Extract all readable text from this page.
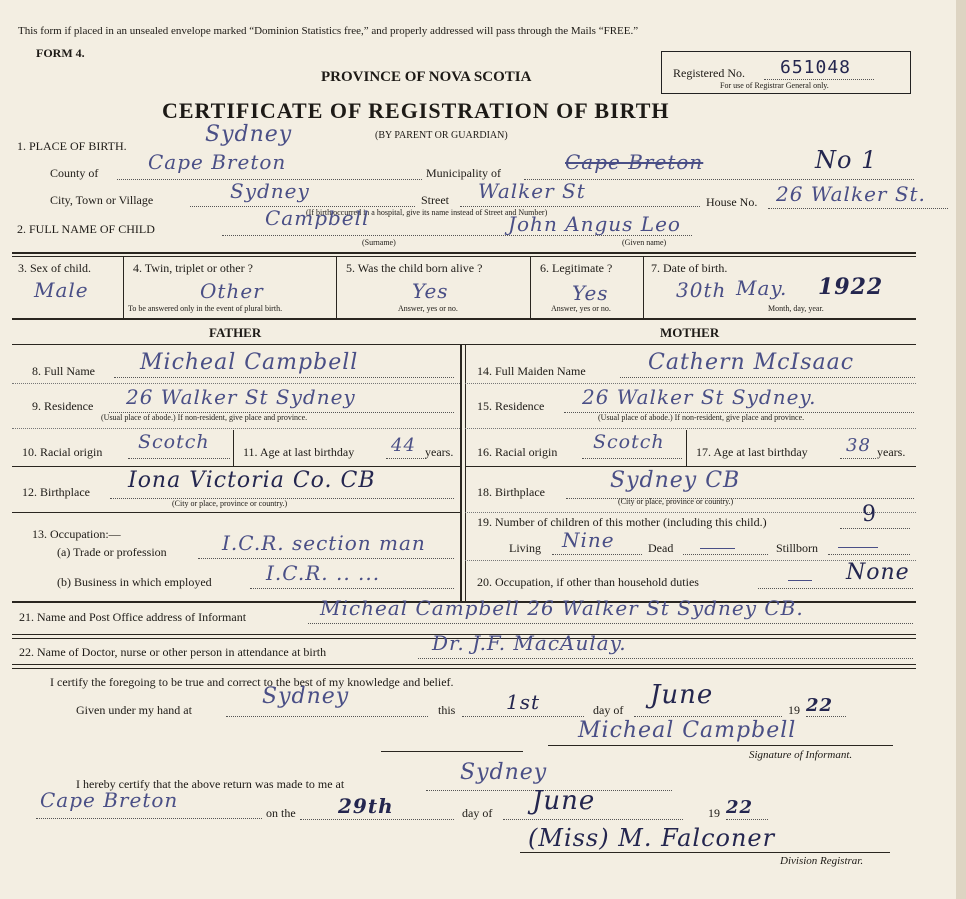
This form if placed in an unsealed envelope marked “Dominion Statistics free,” and properly addressed will pass through the Mails “FREE.”
FORM 4.
PROVINCE OF NOVA SCOTIA
CERTIFICATE OF REGISTRATION OF BIRTH
(BY PARENT OR GUARDIAN)
Registered No. 651048
For use of Registrar General only.
1. PLACE OF BIRTH.	Sydney
County of Cape Breton	Municipality of	Cape Breton	No 1
City, Town or Village	Sydney	Street Walker St	House No. 26 Walker St.
(If birth occurred in a hospital, give its name instead of Street and Number)
2. FULL NAME OF CHILD	Campbell	John Angus Leo
(Surname)	(Given name)
3. Sex of child.
Male
4. Twin, triplet or other ?
Other
To be answered only in the event of plural birth.
5. Was the child born alive ?
Yes
Answer, yes or no.
6. Legitimate ?
Yes
Answer, yes or no.
7. Date of birth.
30th May. 1922
Month, day, year.
FATHER	MOTHER
8. Full Name Micheal Campbell
9. Residence 26 Walker St Sydney
(Usual place of abode.) If non-resident, give place and province.
10. Racial origin Scotch	11. Age at last birthday 44 years.
12. Birthplace Iona Victoria Co. CB
(City or place, province or country.)
14. Full Maiden Name	Cathern McIsaac
15. Residence 26 Walker St Sydney.
(Usual place of abode.) If non-resident, give place and province.
16. Racial origin Scotch	17. Age at last birthday 38 years.
18. Birthplace	Sydney CB
(City or place, province or country.)
13. Occupation:—
(a) Trade or profession	I.C.R. section man
(b) Business in which employed	I.C.R. .. ...
19. Number of children of this mother (including this child.)	9
Living Nine	Dead	Stillborn
20. Occupation, if other than household duties	None
21. Name and Post Office address of Informant	Micheal Campbell 26 Walker St Sydney CB.
22. Name of Doctor, nurse or other person in attendance at birth	Dr. J.F. MacAulay.
I certify the foregoing to be true and correct to the best of my knowledge and belief.
Given under my hand at
Sydney
this	1st	day of June	19 22
Micheal Campbell
Signature of Informant.
I hereby certify that the above return was made to me at	Sydney
Cape Breton
on the 29th	day of June	19 22
(Miss) M. Falconer
Division Registrar.
